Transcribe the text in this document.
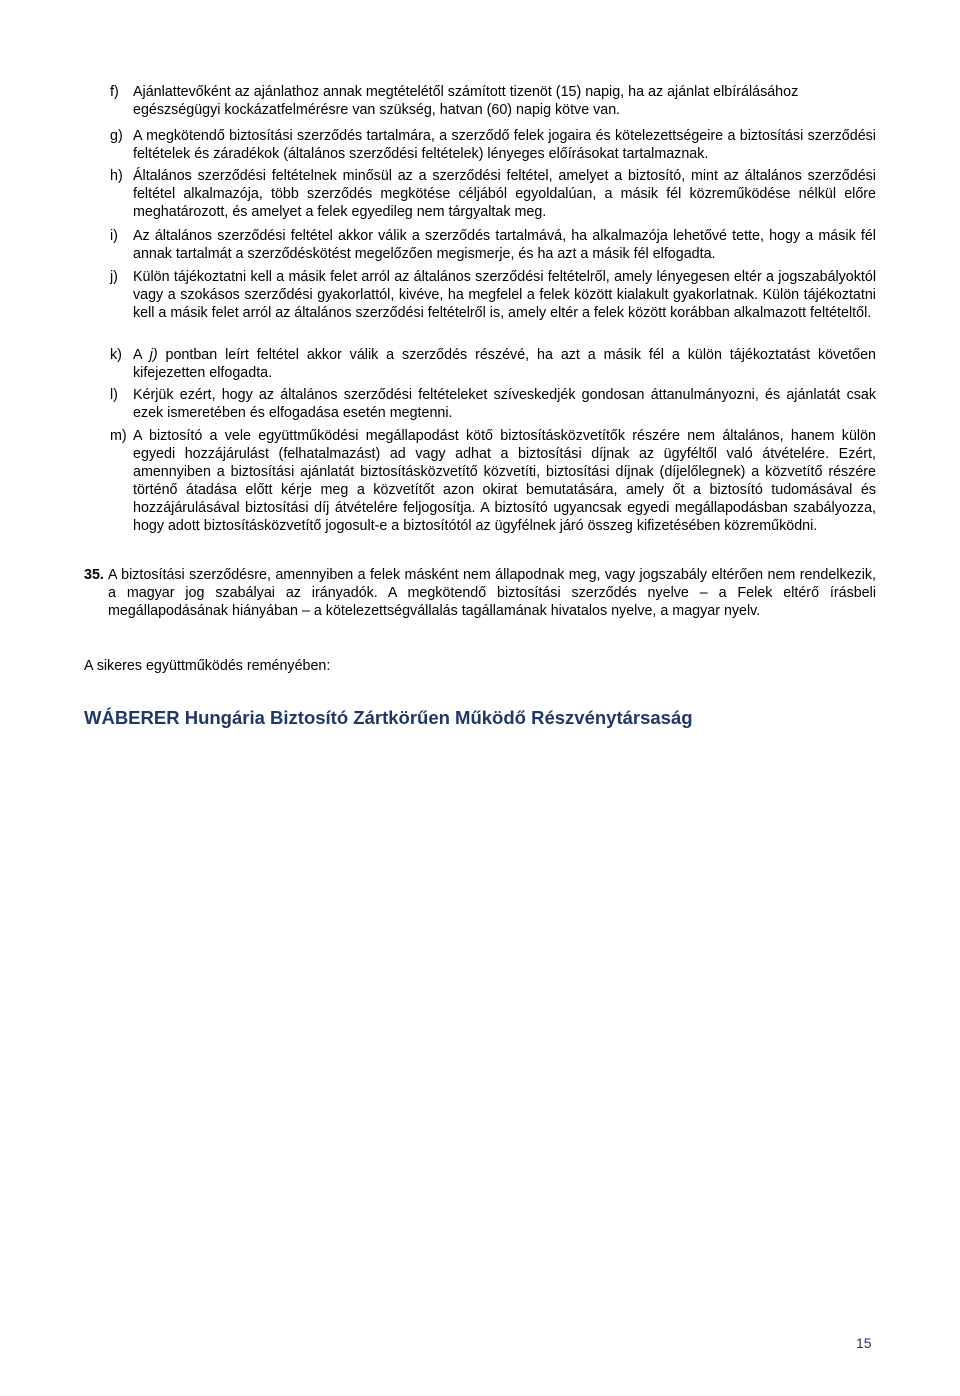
f) Ajánlattevőként az ajánlathoz annak megtételétől számított tizenöt (15) napig, ha az ajánlat elbírálásához egészségügyi kockázatfelmérésre van szükség, hatvan (60) napig kötve van.
g) A megkötendő biztosítási szerződés tartalmára, a szerződő felek jogaira és kötelezettségeire a biztosítási szerződési feltételek és záradékok (általános szerződési feltételek) lényeges előírásokat tartalmaznak.
h) Általános szerződési feltételnek minősül az a szerződési feltétel, amelyet a biztosító, mint az általános szerződési feltétel alkalmazója, több szerződés megkötése céljából egyoldalúan, a másik fél közreműködése nélkül előre meghatározott, és amelyet a felek egyedileg nem tárgyaltak meg.
i) Az általános szerződési feltétel akkor válik a szerződés tartalmává, ha alkalmazója lehetővé tette, hogy a másik fél annak tartalmát a szerződéskötést megelőzően megismerje, és ha azt a másik fél elfogadta.
j) Külön tájékoztatni kell a másik felet arról az általános szerződési feltételről, amely lényegesen eltér a jogszabályoktól vagy a szokásos szerződési gyakorlattól, kivéve, ha megfelel a felek között kialakult gyakorlatnak. Külön tájékoztatni kell a másik felet arról az általános szerződési feltételről is, amely eltér a felek között korábban alkalmazott feltételtől.
k) A j) pontban leírt feltétel akkor válik a szerződés részévé, ha azt a másik fél a külön tájékoztatást követően kifejezetten elfogadta.
l) Kérjük ezért, hogy az általános szerződési feltételeket szíveskedjék gondosan áttanulmányozni, és ajánlatát csak ezek ismeretében és elfogadása esetén megtenni.
m) A biztosító a vele együttműködési megállapodást kötő biztosításközvetítők részére nem általános, hanem külön egyedi hozzájárulást (felhatalmazást) ad vagy adhat a biztosítási díjnak az ügyféltől való átvételére. Ezért, amennyiben a biztosítási ajánlatát biztosításközvetítő közvetíti, biztosítási díjnak (díjelőlegnek) a közvetítő részére történő átadása előtt kérje meg a közvetítőt azon okirat bemutatására, amely őt a biztosító tudomásával és hozzájárulásával biztosítási díj átvételére feljogosítja. A biztosító ugyancsak egyedi megállapodásban szabályozza, hogy adott biztosításközvetítő jogosult-e a biztosítótól az ügyfélnek járó összeg kifizetésében közreműködni.
35. A biztosítási szerződésre, amennyiben a felek másként nem állapodnak meg, vagy jogszabály eltérően nem rendelkezik, a magyar jog szabályai az irányadók. A megkötendő biztosítási szerződés nyelve – a Felek eltérő írásbeli megállapodásának hiányában – a kötelezettségvállalás tagállamának hivatalos nyelve, a magyar nyelv.
A sikeres együttműködés reményében:
WÁBERER Hungária Biztosító Zártkörűen Működő Részvénytársaság
15
